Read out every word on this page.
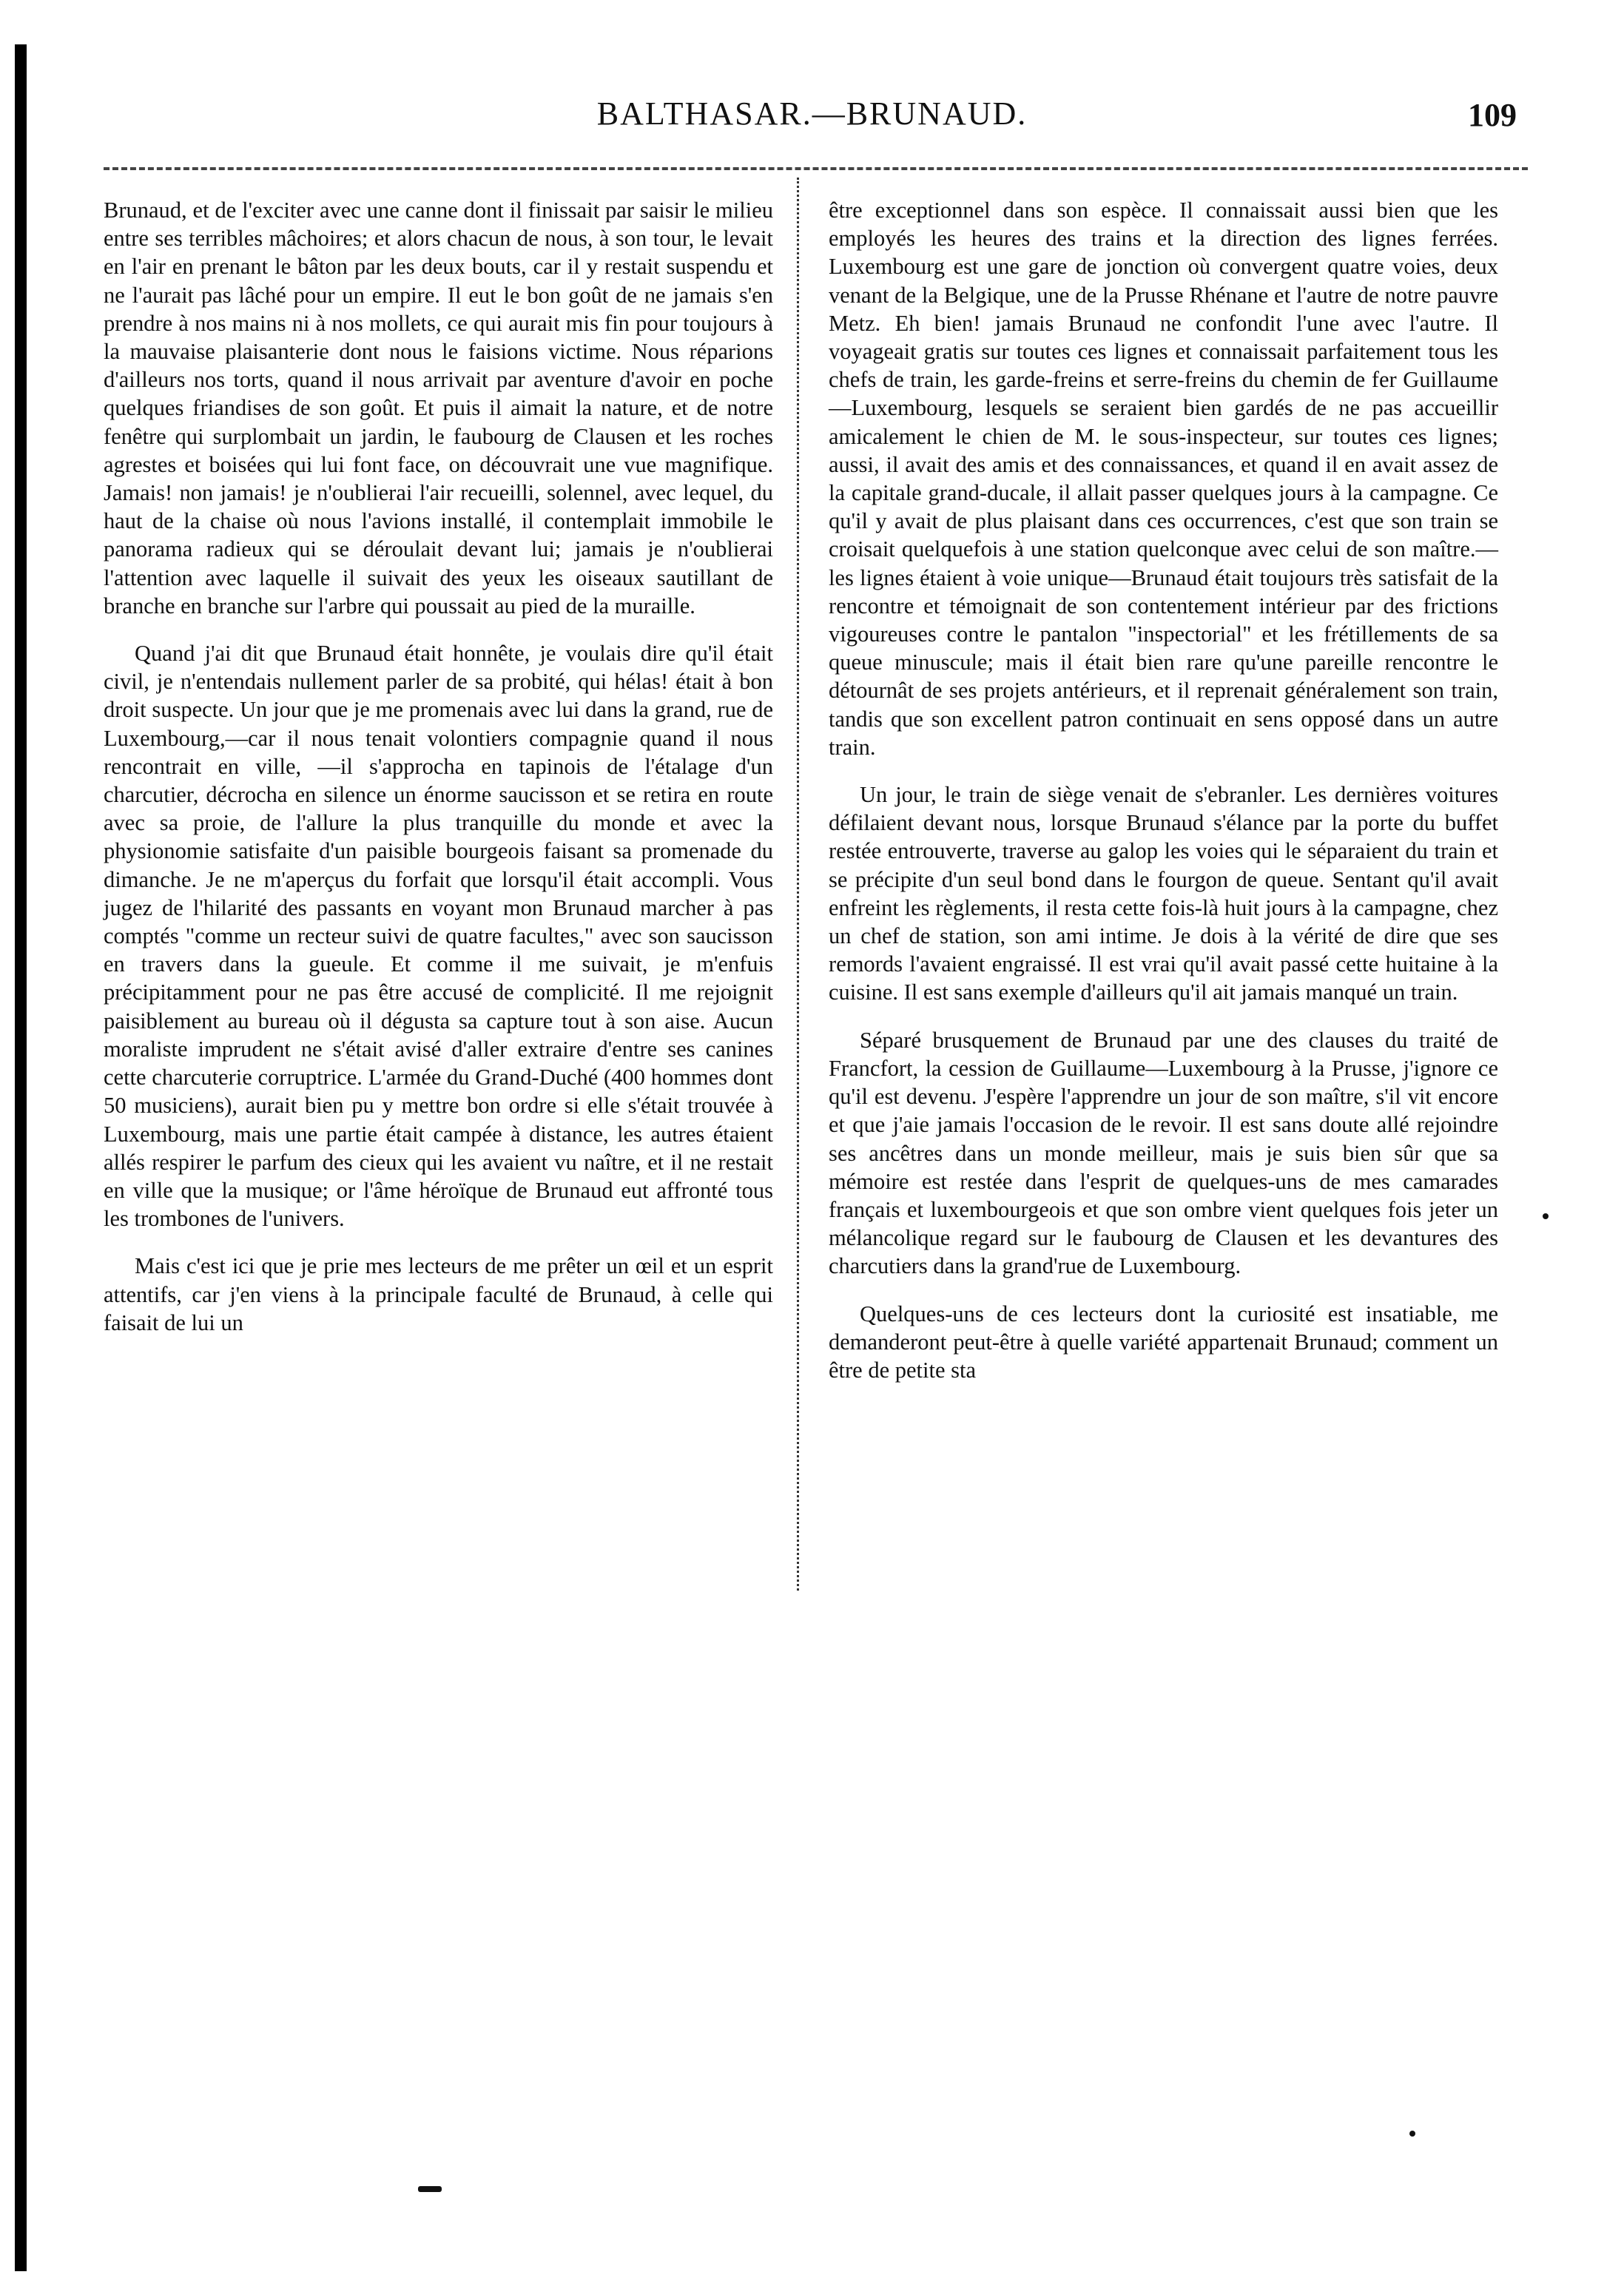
BALTHASAR.—BRUNAUD.	109

Brunaud, et de l'exciter avec une canne dont il finissait par saisir le milieu entre ses terribles mâchoires; et alors chacun de nous, à son tour, le levait en l'air en prenant le bâton par les deux bouts, car il y restait suspendu et ne l'aurait pas lâché pour un empire. Il eut le bon goût de ne jamais s'en prendre à nos mains ni à nos mollets, ce qui aurait mis fin pour toujours à la mauvaise plaisanterie dont nous le faisions victime. Nous réparions d'ailleurs nos torts, quand il nous arrivait par aventure d'avoir en poche quelques friandises de son goût. Et puis il aimait la nature, et de notre fenêtre qui surplombait un jardin, le faubourg de Clausen et les roches agrestes et boisées qui lui font face, on découvrait une vue magnifique. Jamais! non jamais! je n'oublierai l'air recueilli, solennel, avec lequel, du haut de la chaise où nous l'avions installé, il contemplait immobile le panorama radieux qui se déroulait devant lui; jamais je n'oublierai l'attention avec laquelle il suivait des yeux les oiseaux sautillant de branche en branche sur l'arbre qui poussait au pied de la muraille.

Quand j'ai dit que Brunaud était honnête, je voulais dire qu'il était civil, je n'entendais nullement parler de sa probité, qui hélas! était à bon droit suspecte. Un jour que je me promenais avec lui dans la grand, rue de Luxembourg,—car il nous tenait volontiers compagnie quand il nous rencontrait en ville, —il s'approcha en tapinois de l'étalage d'un charcutier, décrocha en silence un énorme saucisson et se retira en route avec sa proie, de l'allure la plus tranquille du monde et avec la physionomie satisfaite d'un paisible bourgeois faisant sa promenade du dimanche. Je ne m'aperçus du forfait que lorsqu'il était accompli. Vous jugez de l'hilarité des passants en voyant mon Brunaud marcher à pas comptés "comme un recteur suivi de quatre facultes," avec son saucisson en travers dans la gueule. Et comme il me suivait, je m'enfuis précipitamment pour ne pas être accusé de complicité. Il me rejoignit paisiblement au bureau où il dégusta sa capture tout à son aise. Aucun moraliste imprudent ne s'était avisé d'aller extraire d'entre ses canines cette charcuterie corruptrice. L'armée du Grand-Duché (400 hommes dont 50 musiciens), aurait bien pu y mettre bon ordre si elle s'était trouvée à Luxembourg, mais une partie était campée à distance, les autres étaient allés respirer le parfum des cieux qui les avaient vu naître, et il ne restait en ville que la musique; or l'âme héroïque de Brunaud eut affronté tous les trombones de l'univers.

Mais c'est ici que je prie mes lecteurs de me prêter un œil et un esprit attentifs, car j'en viens à la principale faculté de Brunaud, à celle qui faisait de lui un

être exceptionnel dans son espèce. Il connaissait aussi bien que les employés les heures des trains et la direction des lignes ferrées. Luxembourg est une gare de jonction où convergent quatre voies, deux venant de la Belgique, une de la Prusse Rhénane et l'autre de notre pauvre Metz. Eh bien! jamais Brunaud ne confondit l'une avec l'autre. Il voyageait gratis sur toutes ces lignes et connaissait parfaitement tous les chefs de train, les garde-freins et serre-freins du chemin de fer Guillaume—Luxembourg, lesquels se seraient bien gardés de ne pas accueillir amicalement le chien de M. le sous-inspecteur, sur toutes ces lignes; aussi, il avait des amis et des connaissances, et quand il en avait assez de la capitale grand-ducale, il allait passer quelques jours à la campagne. Ce qu'il y avait de plus plaisant dans ces occurrences, c'est que son train se croisait quelquefois à une station quelconque avec celui de son maître.—les lignes étaient à voie unique—Brunaud était toujours très satisfait de la rencontre et témoignait de son contentement intérieur par des frictions vigoureuses contre le pantalon "inspectorial" et les frétillements de sa queue minuscule; mais il était bien rare qu'une pareille rencontre le détournât de ses projets antérieurs, et il reprenait généralement son train, tandis que son excellent patron continuait en sens opposé dans un autre train.

Un jour, le train de siège venait de s'ebranler. Les dernières voitures défilaient devant nous, lorsque Brunaud s'élance par la porte du buffet restée entrouverte, traverse au galop les voies qui le séparaient du train et se précipite d'un seul bond dans le fourgon de queue. Sentant qu'il avait enfreint les règlements, il resta cette fois-là huit jours à la campagne, chez un chef de station, son ami intime. Je dois à la vérité de dire que ses remords l'avaient engraissé. Il est vrai qu'il avait passé cette huitaine à la cuisine. Il est sans exemple d'ailleurs qu'il ait jamais manqué un train.

Séparé brusquement de Brunaud par une des clauses du traité de Francfort, la cession de Guillaume—Luxembourg à la Prusse, j'ignore ce qu'il est devenu. J'espère l'apprendre un jour de son maître, s'il vit encore et que j'aie jamais l'occasion de le revoir. Il est sans doute allé rejoindre ses ancêtres dans un monde meilleur, mais je suis bien sûr que sa mémoire est restée dans l'esprit de quelques-uns de mes camarades français et luxembourgeois et que son ombre vient quelques fois jeter un mélancolique regard sur le faubourg de Clausen et les devantures des charcutiers dans la grand'rue de Luxembourg.

Quelques-uns de ces lecteurs dont la curiosité est insatiable, me demanderont peut-être à quelle variété appartenait Brunaud; comment un être de petite sta
